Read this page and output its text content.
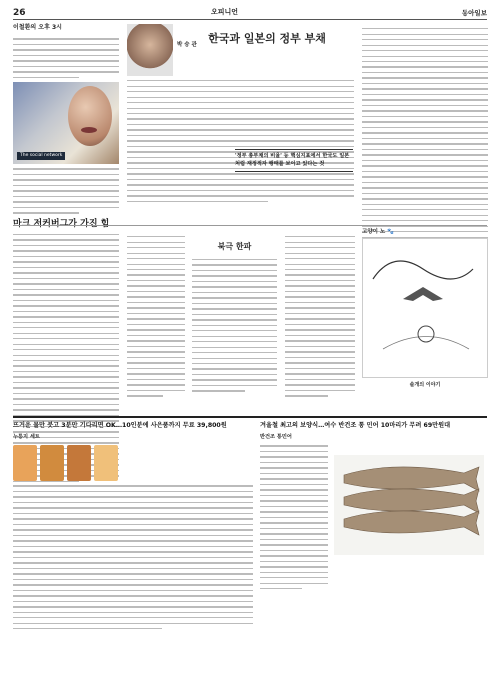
26	오피니언	동아일보
이철환의 오후 3시
The social network
마크 저커버그가 가진 힘
박 승 관	한국과 일본의 정부 부채
'정부 총부채의 비율' 등 핵심지표에서 한국도 일본처럼 재정적자 행태를 보이고 있다는 것
북극 한파
고양이 노 🐾
솔개의 이야기
뜨거운 물만 붓고 3분만 기다리면 OK…10인분에 사은품까지 무료 39,800원
누룽지 세트
겨울철 최고의 보양식…여수 반건조 통 민어 10마리가 무려 69만원대
반건조 통민어
